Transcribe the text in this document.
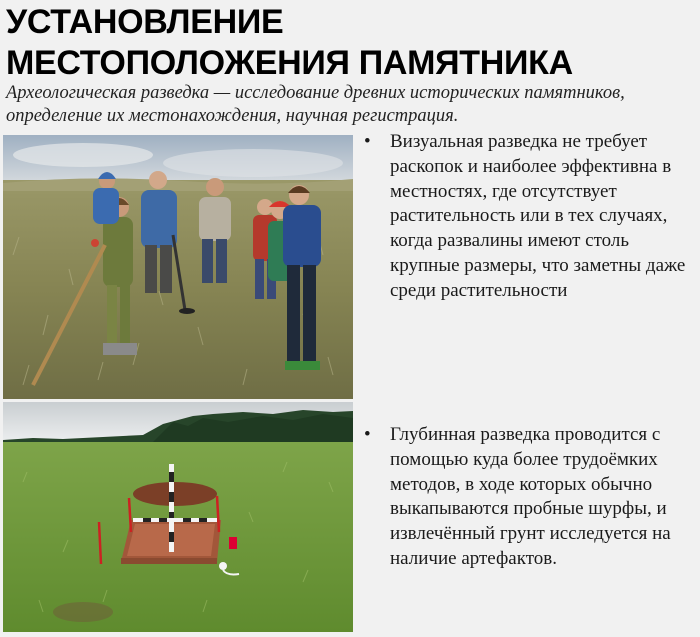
УСТАНОВЛЕНИЕ
МЕСТОПОЛОЖЕНИЯ ПАМЯТНИКА

Археологическая разведка — исследование древних исторических памятников, определение их местонахождения, научная регистрация.

• Визуальная разведка не требует раскопок и наиболее эффективна в местностях, где отсутствует растительность или в тех случаях, когда развалины имеют столь крупные размеры, что заметны даже среди растительности
• Глубинная разведка проводится с помощью куда более трудоёмких методов, в ходе которых обычно выкапываются пробные шурфы, и извлечённый грунт исследуется на наличие артефактов.
